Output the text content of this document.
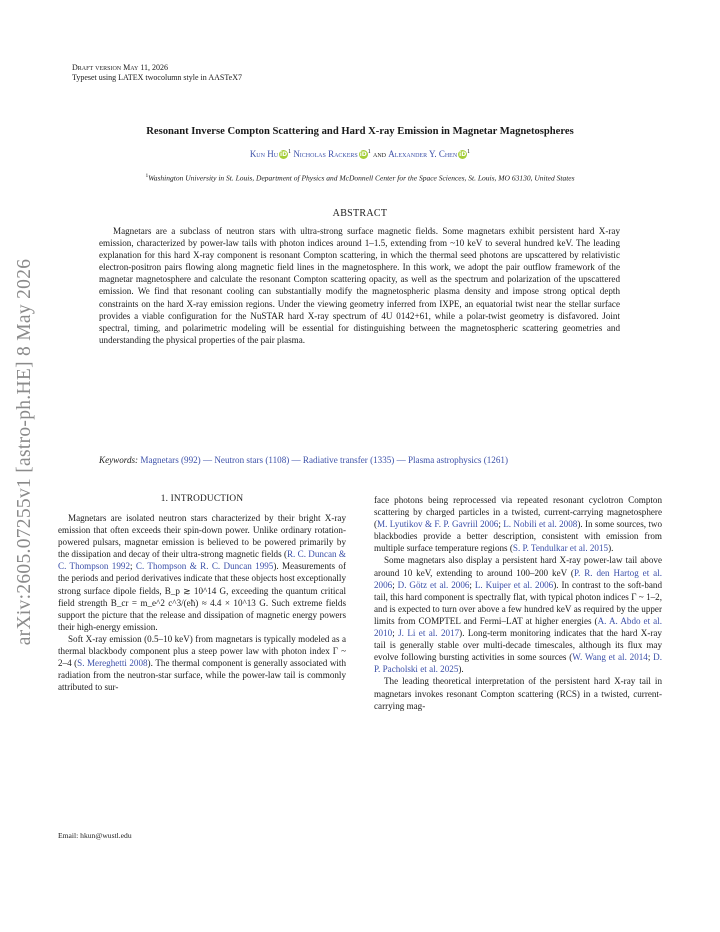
arXiv:2605.07255v1 [astro-ph.HE] 8 May 2026
Draft version May 11, 2026
Typeset using LATEX twocolumn style in AASTeX7
Resonant Inverse Compton Scattering and Hard X-ray Emission in Magnetar Magnetospheres
Kun Hu $iD^1$ Nicholas Rackers $iD^1$ and Alexander Y. Chen $iD^1$
$^1$Washington University in St. Louis, Department of Physics and McDonnell Center for the Space Sciences, St. Louis, MO 63130, United States
ABSTRACT
Magnetars are a subclass of neutron stars with ultra-strong surface magnetic fields. Some magnetars exhibit persistent hard X-ray emission, characterized by power-law tails with photon indices around 1–1.5, extending from ~10 keV to several hundred keV. The leading explanation for this hard X-ray component is resonant Compton scattering, in which the thermal seed photons are upscattered by relativistic electron-positron pairs flowing along magnetic field lines in the magnetosphere. In this work, we adopt the pair outflow framework of the magnetar magnetosphere and calculate the resonant Compton scattering opacity, as well as the spectrum and polarization of the upscattered emission. We find that resonant cooling can substantially modify the magnetospheric plasma density and impose strong optical depth constraints on the hard X-ray emission regions. Under the viewing geometry inferred from IXPE, an equatorial twist near the stellar surface provides a viable configuration for the NuSTAR hard X-ray spectrum of 4U 0142+61, while a polar-twist geometry is disfavored. Joint spectral, timing, and polarimetric modeling will be essential for distinguishing between the magnetospheric scattering geometries and understanding the physical properties of the pair plasma.
Keywords: Magnetars (992) — Neutron stars (1108) — Radiative transfer (1335) — Plasma astrophysics (1261)
1. INTRODUCTION

Magnetars are isolated neutron stars characterized by their bright X-ray emission that often exceeds their spin-down power. Unlike ordinary rotation-powered pulsars, magnetar emission is believed to be powered primarily by the dissipation and decay of their ultra-strong magnetic fields (R. C. Duncan & C. Thompson 1992; C. Thompson & R. C. Duncan 1995). Measurements of the periods and period derivatives indicate that these objects host exceptionally strong surface dipole fields, B_p ≳ 10^14 G, exceeding the quantum critical field strength B_cr = m_e^2 c^3/(eħ) ≈ 4.4 × 10^13 G. Such extreme fields support the picture that the release and dissipation of magnetic energy powers their high-energy emission.

Soft X-ray emission (0.5–10 keV) from magnetars is typically modeled as a thermal blackbody component plus a steep power law with photon index Γ ~ 2–4 (S. Mereghetti 2008). The thermal component is generally associated with radiation from the neutron-star surface, while the power-law tail is commonly attributed to sur-

face photons being reprocessed via repeated resonant cyclotron Compton scattering by charged particles in a twisted, current-carrying magnetosphere (M. Lyutikov & F. P. Gavriil 2006; L. Nobili et al. 2008). In some sources, two blackbodies provide a better description, consistent with emission from multiple surface temperature regions (S. P. Tendulkar et al. 2015).

Some magnetars also display a persistent hard X-ray power-law tail above around 10 keV, extending to around 100–200 keV (P. R. den Hartog et al. 2006; D. Götz et al. 2006; L. Kuiper et al. 2006). In contrast to the soft-band tail, this hard component is spectrally flat, with typical photon indices Γ ~ 1–2, and is expected to turn over above a few hundred keV as required by the upper limits from COMPTEL and Fermi–LAT at higher energies (A. A. Abdo et al. 2010; J. Li et al. 2017). Long-term monitoring indicates that the hard X-ray tail is generally stable over multi-decade timescales, although its flux may evolve following bursting activities in some sources (W. Wang et al. 2014; D. P. Pacholski et al. 2025).

The leading theoretical interpretation of the persistent hard X-ray tail in magnetars invokes resonant Compton scattering (RCS) in a twisted, current-carrying mag-

Email: hkun@wustl.edu
